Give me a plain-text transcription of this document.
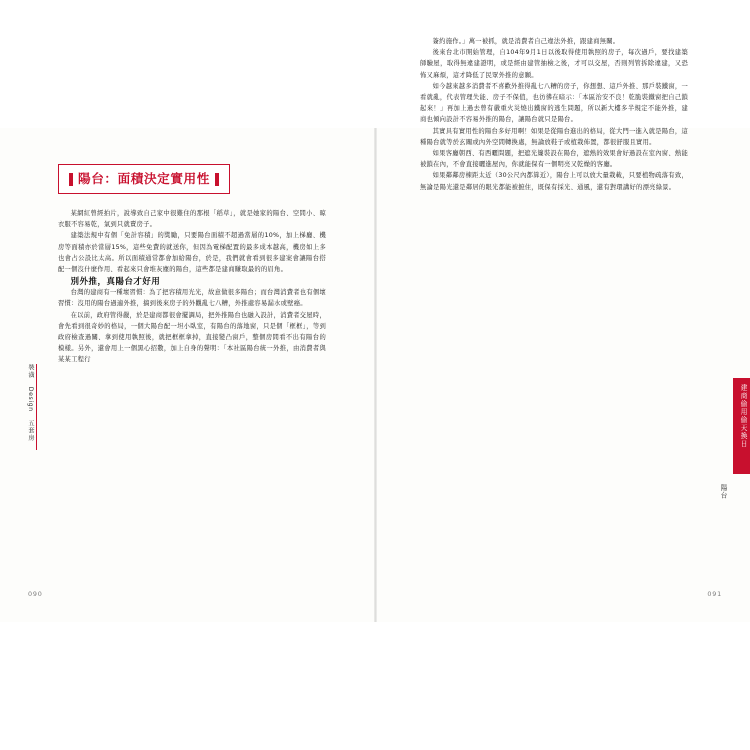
裝潢 Design 五套房
陽台：面積決定實用性

某網紅曾經拍片，說導致自己家中很難住的那根「稻草」，就是她家的陽台、空間小、晾衣服不容易乾，氣到只就賣房子。

建築法規中有個「免計容積」的獎勵，只要陽台面積不超過當層的10%，加上梯廳、機房等面積亦於當層15%，這些免費的就送你，但因為電梯配置的最多成本越高，機房如上多也會占公設比太高。所以面積通常都會加給陽台，於是，我們就會看到很多建案會讓陽台搭配一個沒什麼作用、看起來只會堆灰塵的陽台，這些都是建商賺取最的的眉角。

別外推，真陽台才好用

台灣的建商有一種壞習慣：為了把容積用光光，故意做很多陽台；而台灣消費者也有個壞習慣：沒用的陽台過適外推，搞到後來房子的外觀亂七八糟，外推處容易漏水或壁癌。

在以前，政府管得嚴，於是建商都很會擺調局，把外推陽台也融入設計，消費者交屋時，會先看到很奇妙的格局，一個大陽台配一坦小臥室，有陽台的落地窗，只是個「框框」，等到政府檢查過關、拿到使用執照後，就把框框拿掉，直接變凸窗戶，整個房間看不出有陽台的模樣。另外，還會用上一個黑心招數，加上自身的聲明：「本社區陽台統一外推，由消費者與某某工程行

090
建商偷用偷天換日
陽台
091

簽約施作。」萬一被抓，就是消費者自己違法外推，跟建商無關。

後來台北市開始管理，自104年9月1日以後取得使用執照的房子，每次過戶，要找建築師驗屋，取得無違建證明，或是經由建管抽檢之後，才可以交屋，否則列管拆除違建，又恐怖又麻煩，這才降低了民眾外推的意願。

如今越來越多消費者不喜歡外推得亂七八糟的房子，你想想、這戶外推、那戶裝鐵窗，一看就亂，代表管理失能、房子不保值，也彷彿在暗示：「本區治安不良！乾脆裝鐵窗把自己鎖起來！」再加上過去曾有嚴重火災燒出鐵窗的逃生問題，所以新大樓多半規定不能外推，建商也傾向設計不容易外推的陽台，讓陽台就只是陽台。

其實具有實用性的陽台多好用啊！如果是從陽台進出的格局，從大門一進入就是陽台，這種陽台就等於玄關或內外空間轉換處，無論放鞋子或植栽佈置，都很舒服且實用。

如果客廳朝西、有西曬問題，把遮光簾裝設在陽台，遮熱的效果會好過設在室內窗、熱能被鎖在內，不會直接曬進屋內，你就能保有一個明亮又乾燥的客廳。

如果鄰鄰房棟距太近（30公尺內都算近），陽台上可以放大量栽載，只要植物疏落有致，無論是陽光還是鄰居的眼光都能被摭住，既保有採光、通風，還有對環講好的漂亮綠景。
